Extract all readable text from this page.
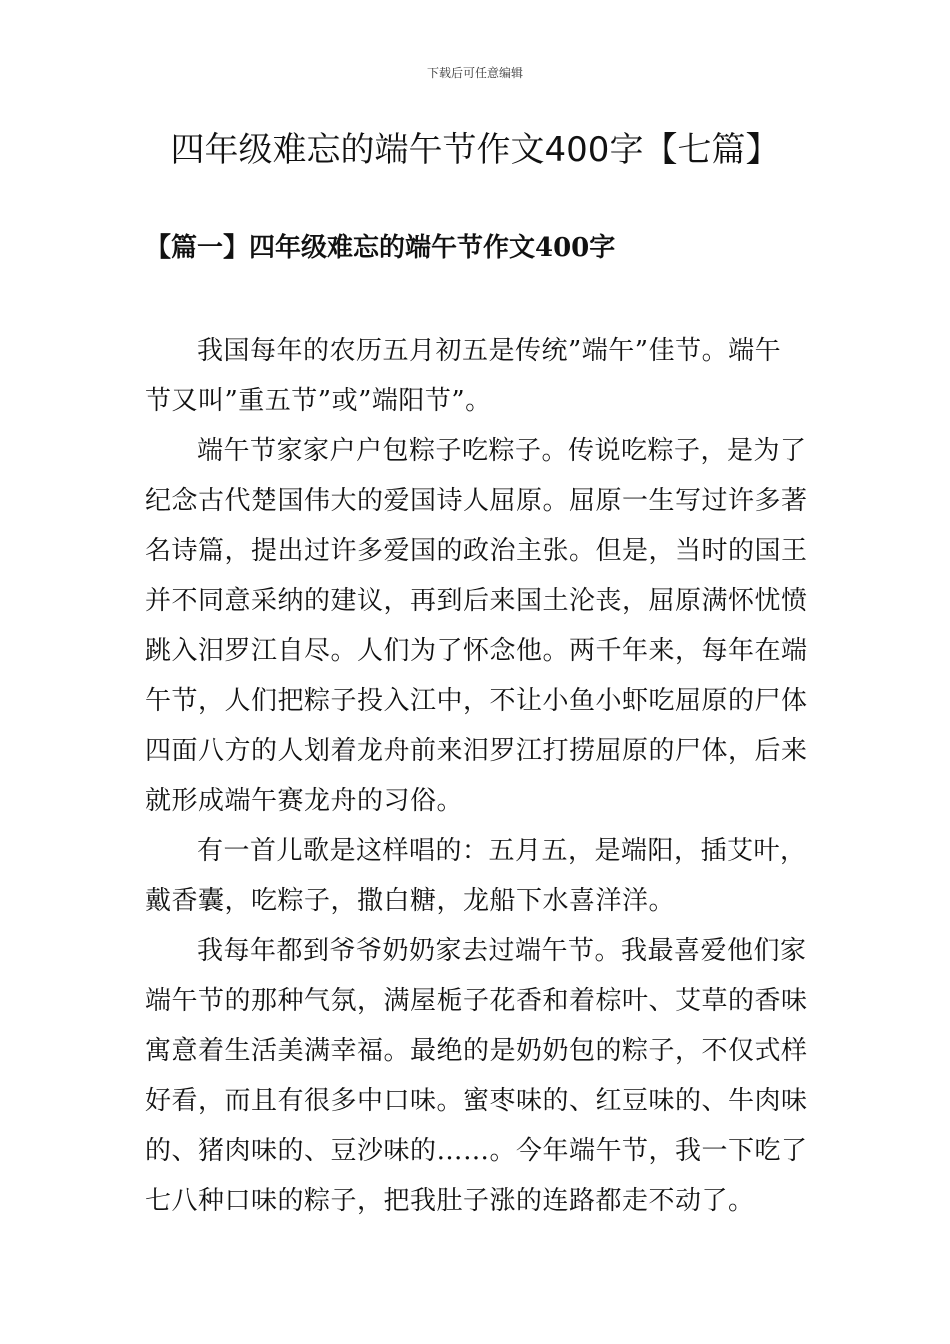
下载后可任意编辑
四年级难忘的端午节作文400字【七篇】
【篇一】四年级难忘的端午节作文400字

我国每年的农历五月初五是传统”端午”佳节。端午
节又叫”重五节”或”端阳节”。

端午节家家户户包粽子吃粽子。传说吃粽子，是为了
纪念古代楚国伟大的爱国诗人屈原。屈原一生写过许多著
名诗篇，提出过许多爱国的政治主张。但是，当时的国王
并不同意采纳的建议，再到后来国土沦丧，屈原满怀忧愤
跳入汨罗江自尽。人们为了怀念他。两千年来，每年在端
午节，人们把粽子投入江中，不让小鱼小虾吃屈原的尸体
四面八方的人划着龙舟前来汨罗江打捞屈原的尸体，后来
就形成端午赛龙舟的习俗。

有一首儿歌是这样唱的：五月五，是端阳，插艾叶，
戴香囊，吃粽子，撒白糖，龙船下水喜洋洋。

我每年都到爷爷奶奶家去过端午节。我最喜爱他们家
端午节的那种气氛，满屋栀子花香和着棕叶、艾草的香味
寓意着生活美满幸福。最绝的是奶奶包的粽子，不仅式样
好看，而且有很多中口味。蜜枣味的、红豆味的、牛肉味
的、猪肉味的、豆沙味的……。今年端午节，我一下吃了
七八种口味的粽子，把我肚子涨的连路都走不动了。
